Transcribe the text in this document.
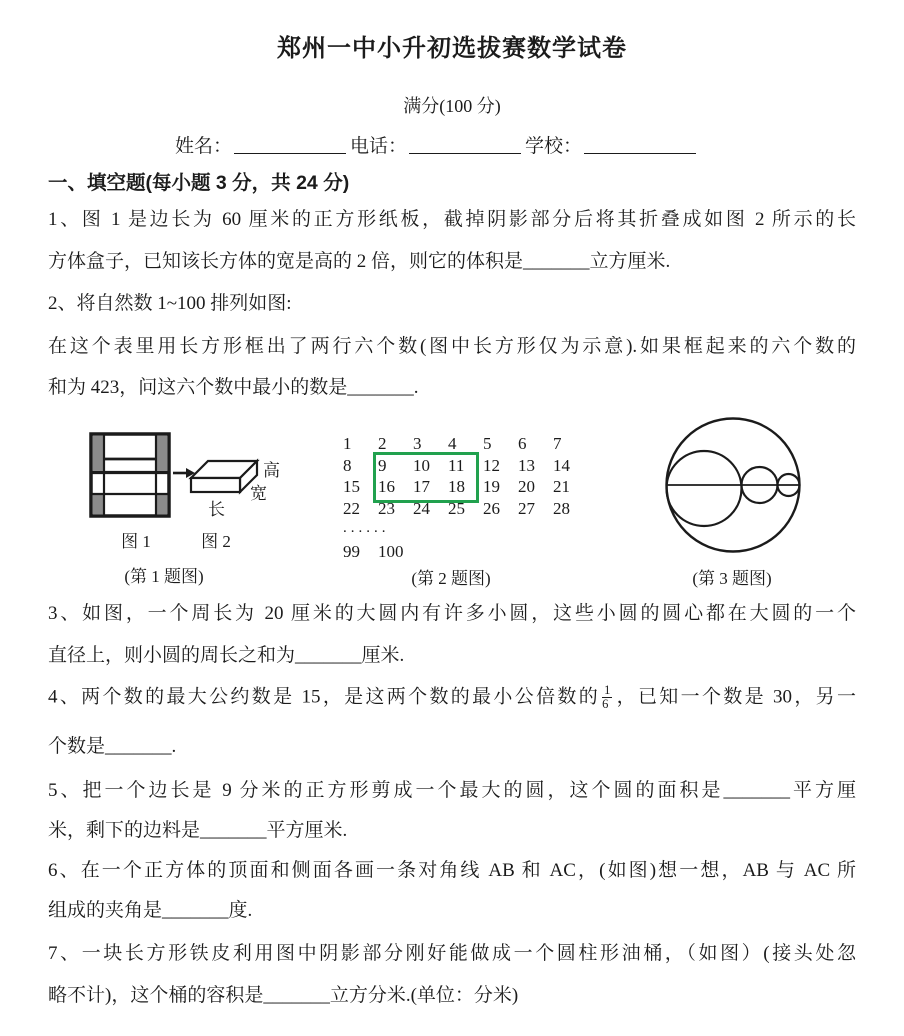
郑州一中小升初选拔赛数学试卷
满分(100 分)
姓名：	电话：	学校：
一、填空题(每小题 3 分，共 24 分)
1、图 1 是边长为 60 厘米的正方形纸板，截掉阴影部分后将其折叠成如图 2 所示的长
方体盒子，已知该长方体的宽是高的 2 倍，则它的体积是_______立方厘米.
2、将自然数 1~100 排列如图:
在这个表里用长方形框出了两行六个数(图中长方形仅为示意).如果框起来的六个数的
和为 423，问这六个数中最小的数是_______.
高
宽
长
图 1	图 2
(第 1 题图)
1	2	3	4	5	6	7
8	9	10	11	12	13	14
15	16	17	18	19	20	21
22	23	24	25	26	27	28
......
99	100
(第 2 题图)	(第 3 题图)
3、如图，一个周长为 20 厘米的大圆内有许多小圆，这些小圆的圆心都在大圆的一个
直径上，则小圆的周长之和为_______厘米.
4、两个数的最大公约数是 15，是这两个数的最小公倍数的 $\frac{1}{6}$ ，已知一个数是 30，另一
个数是_______.
5、把一个边长是 9 分米的正方形剪成一个最大的圆，这个圆的面积是_______平方厘
米，剩下的边料是_______平方厘米.
6、在一个正方体的顶面和侧面各画一条对角线 AB 和 AC，(如图)想一想，AB 与 AC 所
组成的夹角是_______度.
7、一块长方形铁皮利用图中阴影部分刚好能做成一个圆柱形油桶，（如图）(接头处忽
略不计)，这个桶的容积是_______立方分米.(单位：分米)
